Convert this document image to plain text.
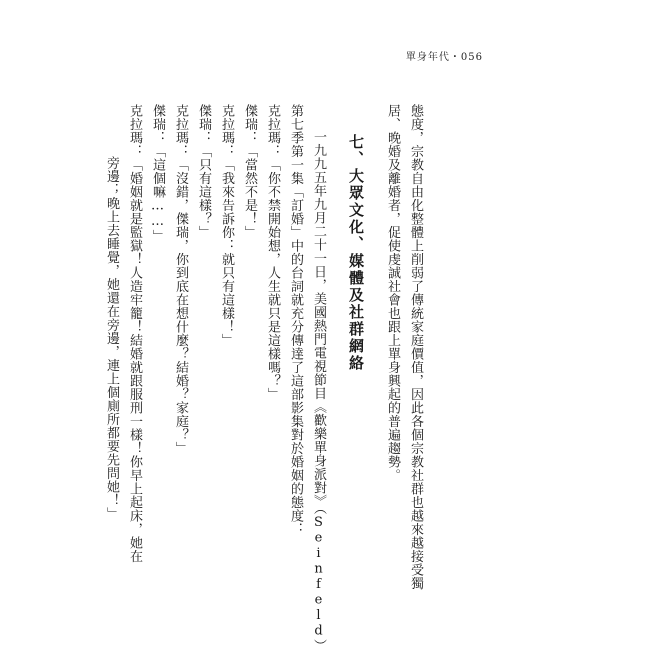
單身年代・056
態度，宗教自由化整體上削弱了傳統家庭價值，因此各個宗教社群也越來越接受獨
居、晚婚及離婚者，促使虔誠社會也跟上單身興起的普遍趨勢。
七、大眾文化、媒體及社群網絡
一九九五年九月二十一日，美國熱門電視節目《歡樂單身派對》（Seinfeld）
第七季第一集「訂婚」中的台詞就充分傳達了這部影集對於婚姻的態度：
克拉瑪：「你不禁開始想，人生就只是這樣嗎？」
傑瑞：「當然不是！」
克拉瑪：「我來告訴你：就只有這樣！」
傑瑞：「只有這樣？」
克拉瑪：「沒錯，傑瑞，你到底在想什麼？結婚？家庭？」
傑瑞：「這個嘛……」
克拉瑪：「婚姻就是監獄！人造牢籠！結婚就跟服刑一樣！你早上起床，她在
旁邊；晚上去睡覺，她還在旁邊，連上個廁所都要先問她！」
